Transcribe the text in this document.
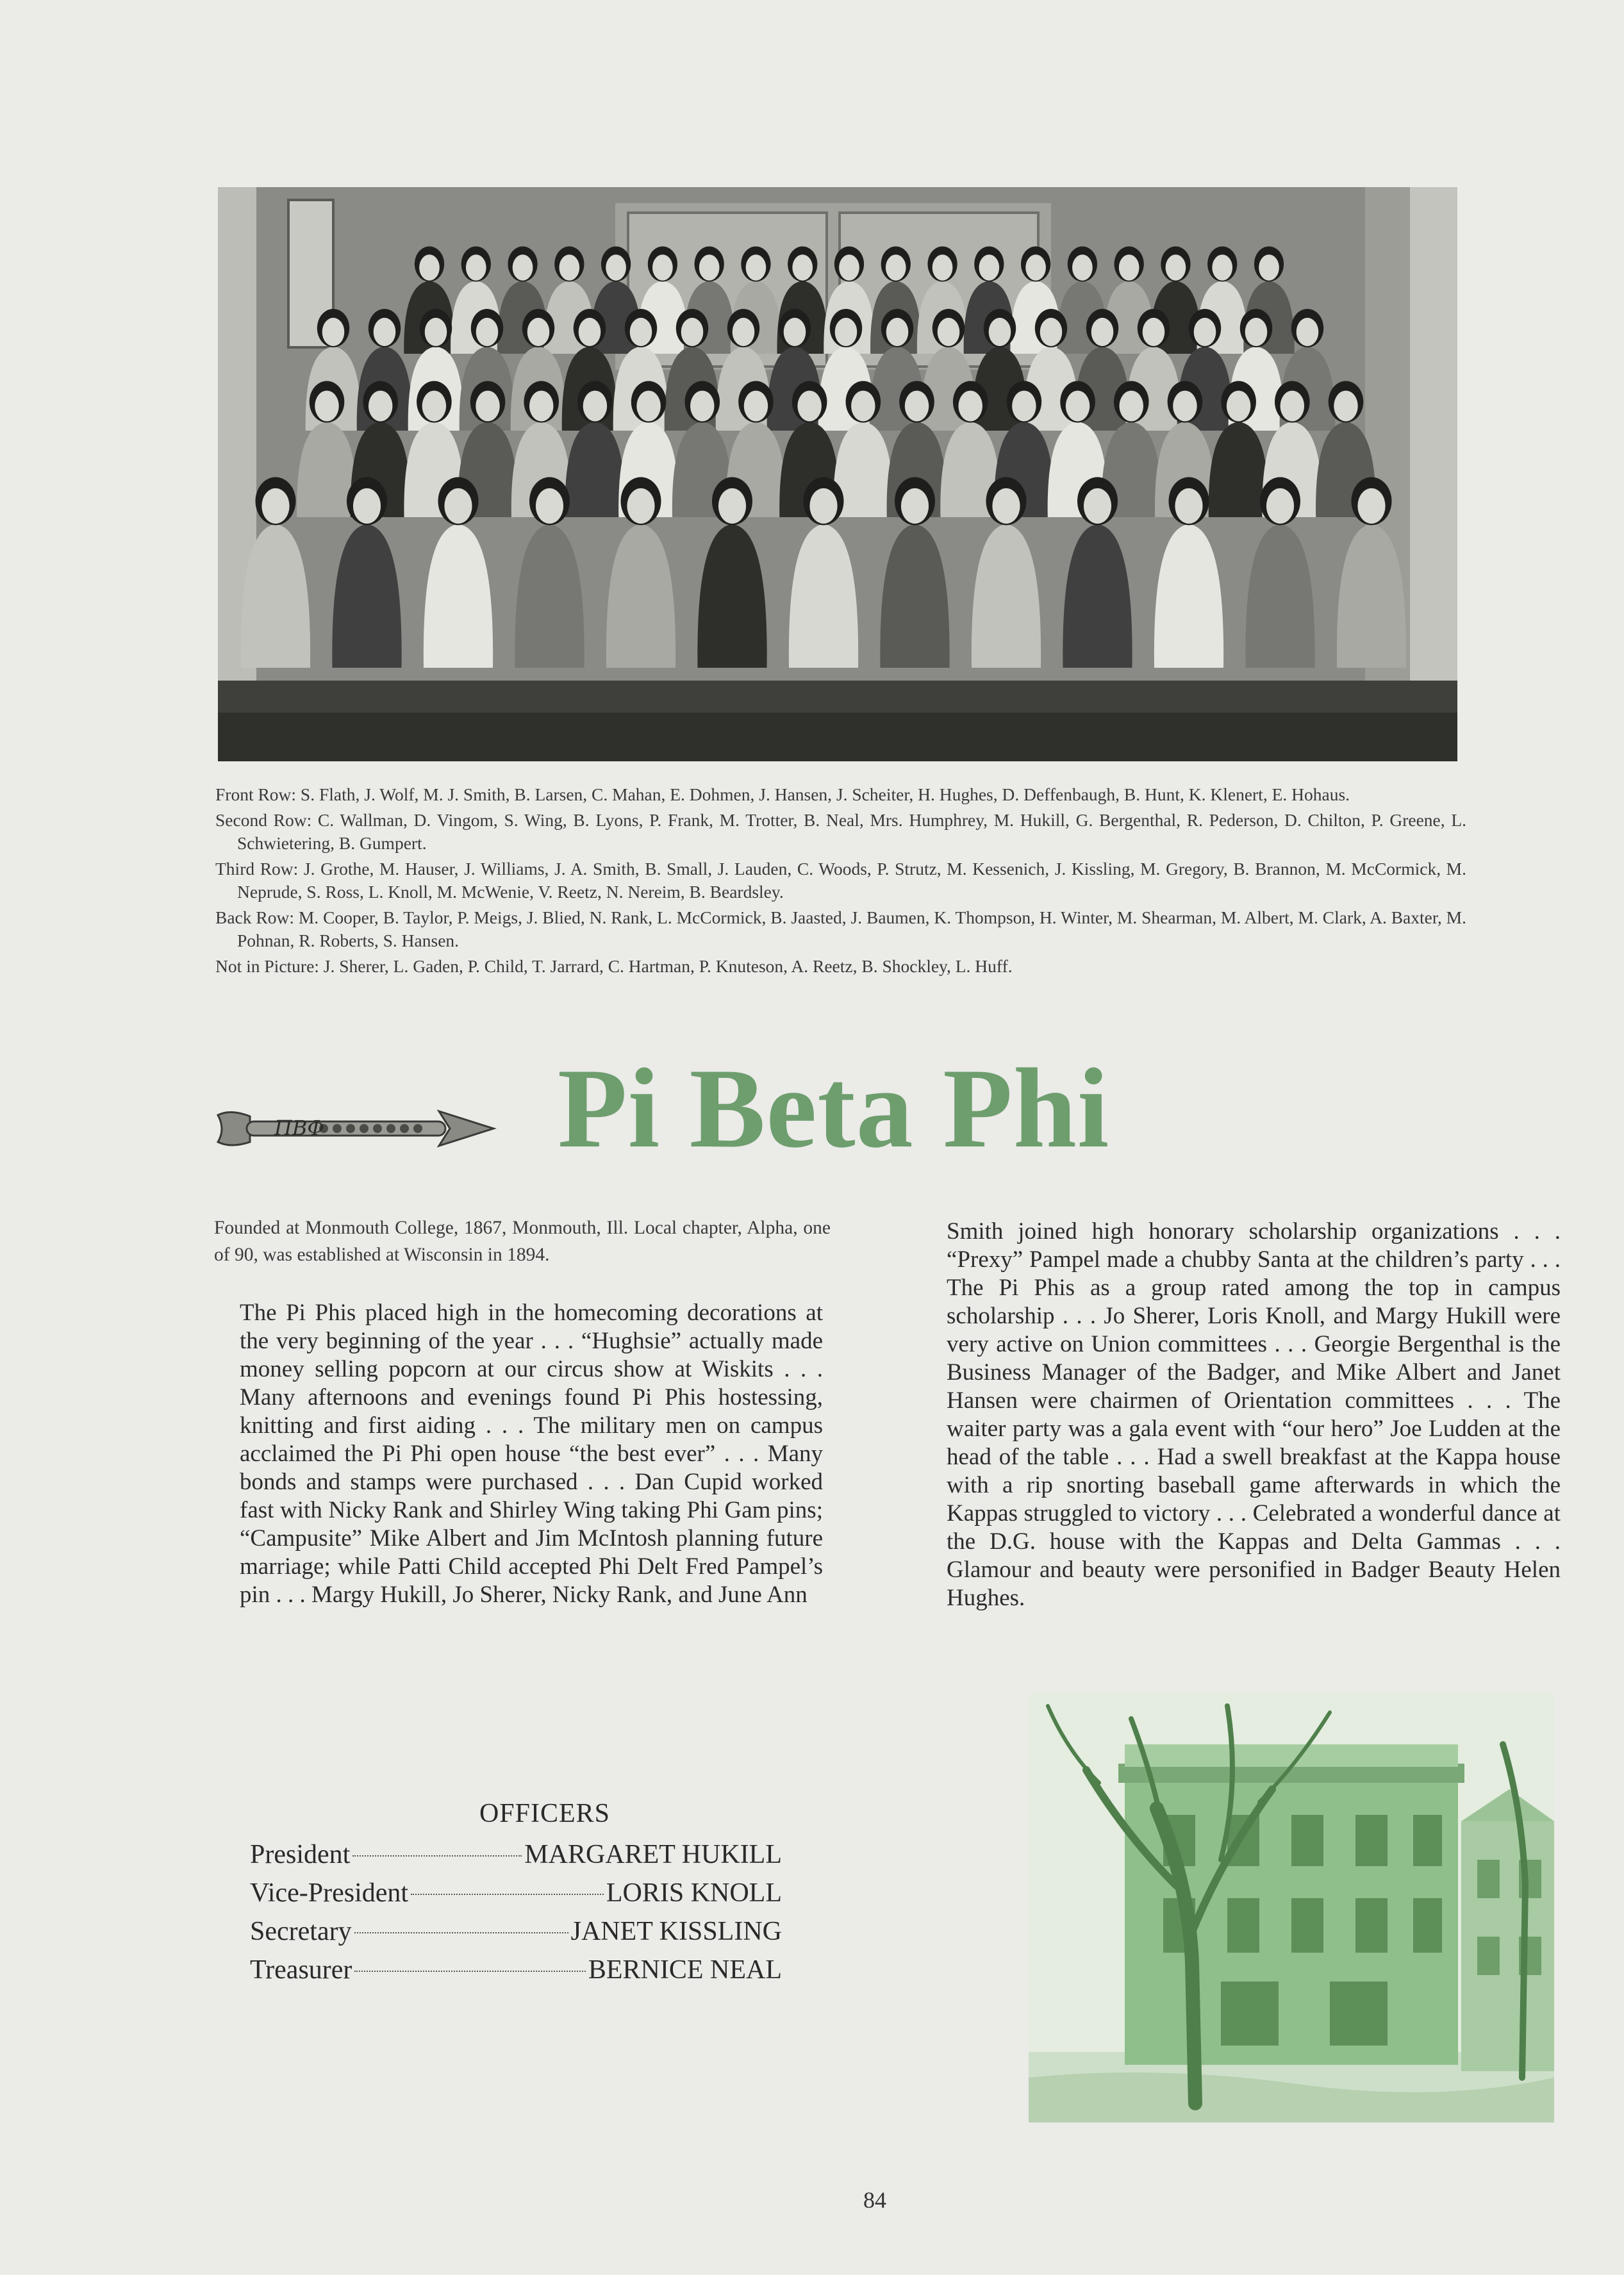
Front Row: S. Flath, J. Wolf, M. J. Smith, B. Larsen, C. Mahan, E. Dohmen, J. Hansen, J. Scheiter, H. Hughes, D. Deffenbaugh, B. Hunt, K. Klenert, E. Hohaus.

Second Row: C. Wallman, D. Vingom, S. Wing, B. Lyons, P. Frank, M. Trotter, B. Neal, Mrs. Humphrey, M. Hukill, G. Bergenthal, R. Pederson, D. Chilton, P. Greene, L. Schwietering, B. Gumpert.

Third Row: J. Grothe, M. Hauser, J. Williams, J. A. Smith, B. Small, J. Lauden, C. Woods, P. Strutz, M. Kessenich, J. Kissling, M. Gregory, B. Brannon, M. McCormick, M. Neprude, S. Ross, L. Knoll, M. McWenie, V. Reetz, N. Nereim, B. Beardsley.

Back Row: M. Cooper, B. Taylor, P. Meigs, J. Blied, N. Rank, L. McCormick, B. Jaasted, J. Baumen, K. Thompson, H. Winter, M. Shearman, M. Albert, M. Clark, A. Baxter, M. Pohnan, R. Roberts, S. Hansen.

Not in Picture: J. Sherer, L. Gaden, P. Child, T. Jarrard, C. Hartman, P. Knuteson, A. Reetz, B. Shockley, L. Huff.

ΠΒΦ Pi Beta Phi
Founded at Monmouth College, 1867, Monmouth, Ill. Local chapter, Alpha, one of 90, was established at Wisconsin in 1894.
The Pi Phis placed high in the homecoming decorations at the very beginning of the year . . . “Hughsie” actually made money selling popcorn at our circus show at Wiskits . . . Many afternoons and evenings found Pi Phis hostessing, knitting and first aiding . . . The military men on campus acclaimed the Pi Phi open house “the best ever” . . . Many bonds and stamps were purchased . . . Dan Cupid worked fast with Nicky Rank and Shirley Wing taking Phi Gam pins; “Campusite” Mike Albert and Jim McIntosh planning future marriage; while Patti Child accepted Phi Delt Fred Pampel’s pin . . . Margy Hukill, Jo Sherer, Nicky Rank, and June Ann
Smith joined high honorary scholarship organizations . . . “Prexy” Pampel made a chubby Santa at the children’s party . . . The Pi Phis as a group rated among the top in campus scholarship . . . Jo Sherer, Loris Knoll, and Margy Hukill were very active on Union committees . . . Georgie Bergenthal is the Business Manager of the Badger, and Mike Albert and Janet Hansen were chairmen of Orientation committees . . . The waiter party was a gala event with “our hero” Joe Ludden at the head of the table . . . Had a swell breakfast at the Kappa house with a rip snorting baseball game afterwards in which the Kappas struggled to victory . . . Celebrated a wonderful dance at the D.G. house with the Kappas and Delta Gammas . . . Glamour and beauty were personified in Badger Beauty Helen Hughes.
OFFICERS
President	MARGARET HUKILL
Vice-President	LORIS KNOLL
Secretary	JANET KISSLING
Treasurer	BERNICE NEAL
84
